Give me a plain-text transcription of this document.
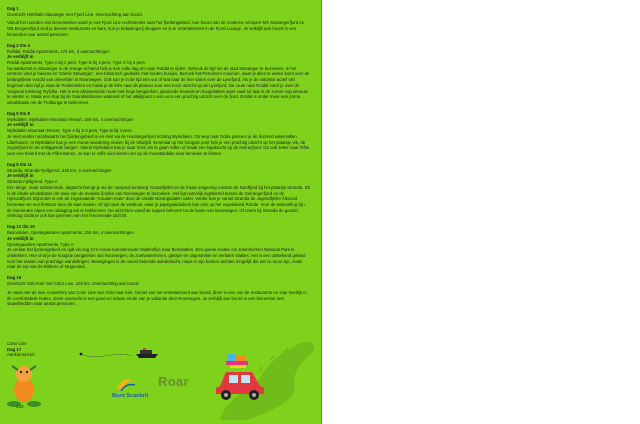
Dag 1
Overtocht Hirtshals-Stavanger met Fjord Line. Overnachting aan boord.
Vanuit het noorden van Denemarken vaart je met Fjord Line rechtstreeks naar het fjordengebied. Aan boord van de moderne schepen MS Stavangerfjord en MS Bergensfjord vind je diverse restaurants en bars, kun je belastingvrij shoppen en is er entertainment in de Fjord Lounge. Je verblijft aan boord in een binnenhut naar aantal personen.
Dag 2 t/m 4
Rolfdal, Roldal Apartments, 175 km, 3 overnachtingen
Je verblijft in
Roldal Apartments, Type A bij 2 pers, Type B bij 3 pers, Type C bij 4 pers.
Na aankomst in Stavanger in de vroege ochtend heb je een volle dag om naar Roldal te rijden. Gebruik de tijd om de stad Stavanger te bezoeken. In het centrum vind je havens en 'Gamle Stavanger', een historisch gedeelte met houten huisjes. Bezoek het Petroleum museum, waar je alles te weten komt over de belangrijkste vondst van olievelden in Noorwegen. Ook kan je in de tijd een uur of wat naar de hier varen over de Lysefjord. Als je de vakantie actief wilt beginnen dan rijd je naar de Preikestolen en maak je de klim naar dit plateau voor een mooi uitzicht op de Lysefjord. De route naar Roldal voert je over de 'nasjonal turistveg' Ryfylke. Het is een afwisselende route met hoge bergpieken, glooiende heuvels en hoogvlaktes waar vaak tot laat in de zomer nog sneeuw te vinden is. Maak een stop bij de Svandalsfossen waterval of het uitkijkpunt Lovra voor een prachtig uitzicht over de fjord. Roldal is onder meer een prima uitvalsbasis om de Trolltunga te bekimmen.
Dag 5 t/m 8
Myrkdalen, Myrkdalen Mountain Resort, 165 km, 4 overnachtingen
Je verblijft in
Myrkdalen Mountain Resort, Type A bij 2-3 pers, Type B bij 4 pers.
Je reist verder noordwaarts het fjordengebied in en reist via de Hardangerfjord richting Myrkdalen. Op weg naar Odda passeer je de duizend watervallen Låtefossen. In Myrkdalen kan je een mooie wandeling maken bij de Vikafjell. Eenmaal op het hoogste punt heb je een prachtig uitzicht op het plaatsje Vik, de Sognefjord en de omliggende bergen. Vanuit Myrkdalen kan je naar Voss om te gaan raften of maak een kajaktocht op de Nærøyfjord. Ga ook zeker naar Flåm voor een treinrit met de Flåm Banen. Je kan er zelfs voor kiezen om op de mountainbike naar beneden te fietsen.
Dag 9 t/m 11
Stranda, Stranda Fjellgrend, 325 km, 3 overnachtingen
Je verblijft in
Stranda Fjellgrend, Type A
Een lange, maar schitterende, dagtocht brengt je via de 'nasjonal turistveg' Gaularfjellet en de fraaie omgeving rondom de Nordfjord bij het plaatsje Stranda. Dit is de ideale uitvalsbasis om twee van de mooiste fjorden van Noorwegen te bezoeken. Het ligt namelijk ingeklemd tussen de Geirangerfjord en de Hjørundfjord. Bijzonder is ook de zogenaamde 'Gouden route' door de smalle Norangsdalen vallei. Verder kan je vanuit Stranda de Jugendfjellet Ålesund bezoeken en een fietstour door de stad maken. Of rijd naar de vestkust, waar je papegaaiduikers kan zien op het vogeleiland Runde. Voor de actievellng zijn de Sunnmøre Alpen een uitdaging om te beklimmen. De uitzichten vanaf de toppen behoren tot de beste van Noorwegen. Of neem bij Stranda de gondel omhoog zodat je ook kan genieten van het fenomenale uitzicht.
Dag 12 t/m 15
Beitostølen, Gjestegaarden Apartments, 315 km, 4 overnachtingen
Je verblijft in
Gjestegaarden Apartments, Type A
Je verlaat het fjordengebied en rijdt via nog zo'n mooie toeristenroute Valdresflya naar Beitostølen. Een goede locatie om Jotunheimen National Park te ontdekken. Hier vind je de hoogste bergpieken van Noorwegen, de zoetwatermeren, gletsjer en uitgestrekte en verlaten vlaktes. Het is een uitstekend gebied voor het maken van prachtige wandelingen. Bewegingen is de meest bekende wandeltocht, maar er zijn kortere tochten mogelijk die net zo mooi zijn, zoals naar de top van de Bitihorn of Mugnetind.
Dag 16
Overtocht Oslo-Kiel met Color Line, 225 km. Overnachting aan boord.
Je vaart met de luxe cruiseferry van Color Line van Oslo naar Kiel. Geniet van het entertainment aan boord, diner in een van de restaurants en stap heerlijk in de comfortabele hutten. Deze overtocht is een goed en relaxte einde van je vakantie door Noorwegen. Je verblijft aan boord in een binnenhut met stapelbedden naar aantal personen.
Color Line
Dag 17
Aankomst Kiel.
120
Buro Scanbrit
Roar
